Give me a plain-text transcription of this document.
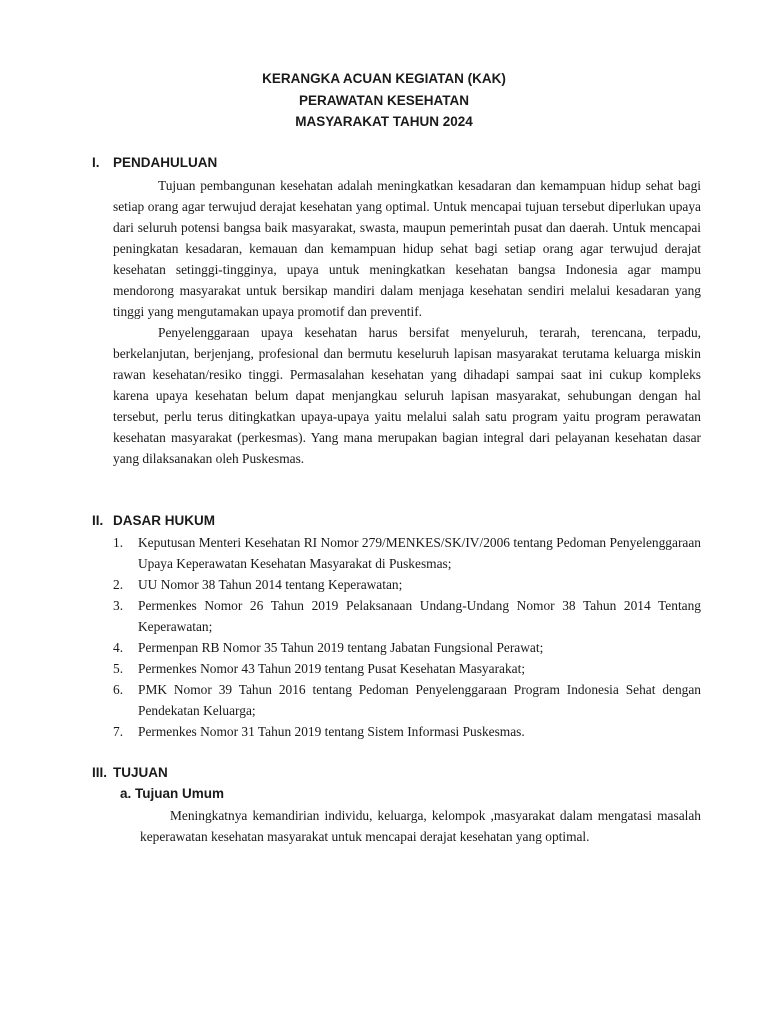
KERANGKA ACUAN KEGIATAN (KAK)
PERAWATAN KESEHATAN
MASYARAKAT TAHUN 2024
I. PENDAHULUAN

Tujuan pembangunan kesehatan adalah meningkatkan kesadaran dan kemampuan hidup sehat bagi setiap orang agar terwujud derajat kesehatan yang optimal. Untuk mencapai tujuan tersebut diperlukan upaya dari seluruh potensi bangsa baik masyarakat, swasta, maupun pemerintah pusat dan daerah. Untuk mencapai peningkatan kesadaran, kemauan dan kemampuan hidup sehat bagi setiap orang agar terwujud derajat kesehatan setinggi-tingginya, upaya untuk meningkatkan kesehatan bangsa Indonesia agar mampu mendorong masyarakat untuk bersikap mandiri dalam menjaga kesehatan sendiri melalui kesadaran yang tinggi yang mengutamakan upaya promotif dan preventif.

Penyelenggaraan upaya kesehatan harus bersifat menyeluruh, terarah, terencana, terpadu, berkelanjutan, berjenjang, profesional dan bermutu keseluruh lapisan masyarakat terutama keluarga miskin rawan kesehatan/resiko tinggi. Permasalahan kesehatan yang dihadapi sampai saat ini cukup kompleks karena upaya kesehatan belum dapat menjangkau seluruh lapisan masyarakat, sehubungan dengan hal tersebut, perlu terus ditingkatkan upaya-upaya yaitu melalui salah satu program yaitu program perawatan kesehatan masyarakat (perkesmas). Yang mana merupakan bagian integral dari pelayanan kesehatan dasar yang dilaksanakan oleh Puskesmas.

II. DASAR HUKUM
1.	Keputusan Menteri Kesehatan RI Nomor 279/MENKES/SK/IV/2006 tentang Pedoman Penyelenggaraan Upaya Keperawatan Kesehatan Masyarakat di Puskesmas;
2.	UU Nomor 38 Tahun 2014 tentang Keperawatan;
3.	Permenkes Nomor 26 Tahun 2019 Pelaksanaan Undang-Undang Nomor 38 Tahun 2014 Tentang Keperawatan;
4.	Permenpan RB Nomor 35 Tahun 2019 tentang Jabatan Fungsional Perawat;
5.	Permenkes Nomor 43 Tahun 2019 tentang Pusat Kesehatan Masyarakat;
6.	PMK Nomor 39 Tahun 2016 tentang Pedoman Penyelenggaraan Program Indonesia Sehat dengan Pendekatan Keluarga;
7.	Permenkes Nomor 31 Tahun 2019 tentang Sistem Informasi Puskesmas.
III. TUJUAN
a. Tujuan Umum

Meningkatnya kemandirian individu, keluarga, kelompok ,masyarakat dalam mengatasi masalah keperawatan kesehatan masyarakat untuk mencapai derajat kesehatan yang optimal.
